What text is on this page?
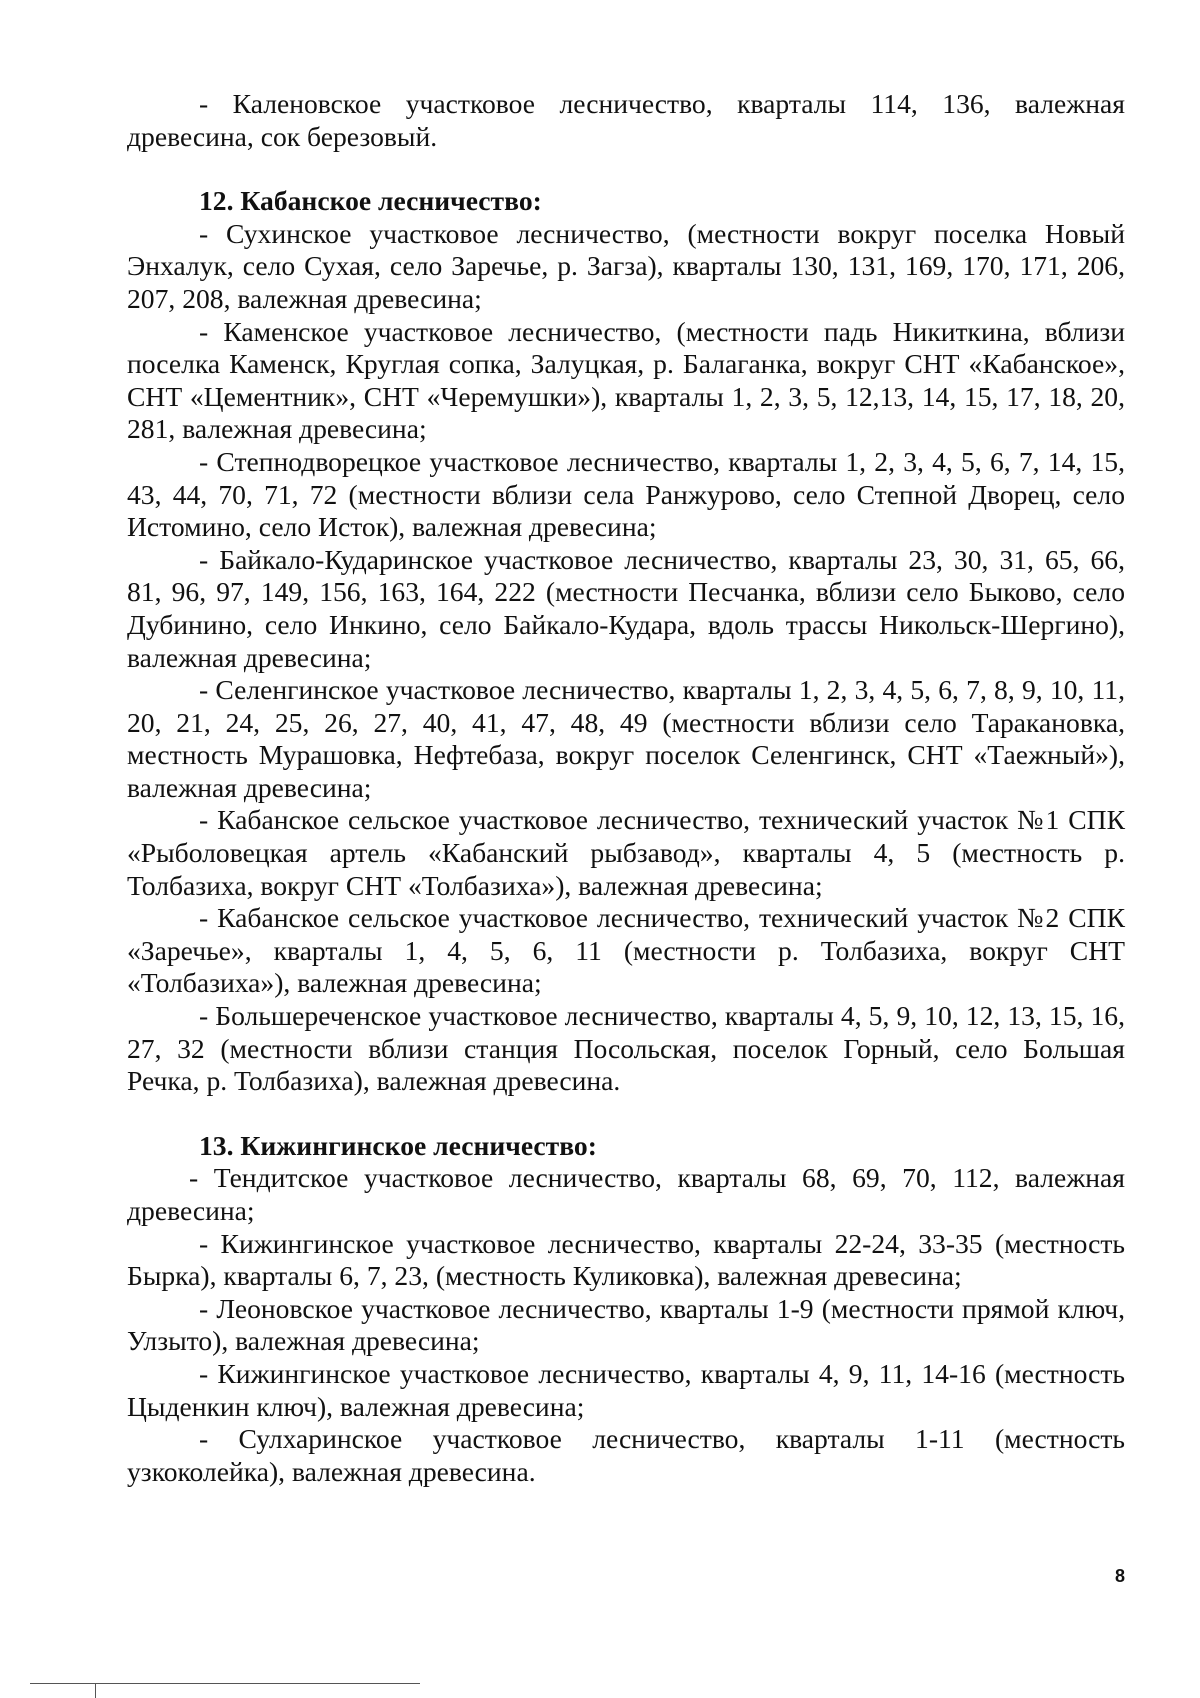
- Каленовское участковое лесничество, кварталы 114, 136, валежная древесина, сок березовый.

12. Кабанское лесничество:

- Сухинское участковое лесничество, (местности вокруг поселка Новый Энхалук, село Сухая, село Заречье, р. Загза), кварталы 130, 131, 169, 170, 171, 206, 207, 208, валежная древесина;

- Каменское участковое лесничество, (местности падь Никиткина, вблизи поселка Каменск, Круглая сопка, Залуцкая, р. Балаганка, вокруг СНТ «Кабанское», СНТ «Цементник», СНТ «Черемушки»), кварталы 1, 2, 3, 5, 12,13, 14, 15, 17, 18, 20, 281, валежная древесина;

- Степнодворецкое участковое лесничество, кварталы 1, 2, 3, 4, 5, 6, 7, 14, 15, 43, 44, 70, 71, 72 (местности вблизи села Ранжурово, село Степной Дворец, село Истомино, село Исток), валежная древесина;

- Байкало-Кударинское участковое лесничество, кварталы 23, 30, 31, 65, 66, 81, 96, 97, 149, 156, 163, 164, 222 (местности Песчанка, вблизи село Быково, село Дубинино, село Инкино, село Байкало-Кудара, вдоль трассы Никольск-Шергино), валежная древесина;

- Селенгинское участковое лесничество, кварталы 1, 2, 3, 4, 5, 6, 7, 8, 9, 10, 11, 20, 21, 24, 25, 26, 27, 40, 41, 47, 48, 49 (местности вблизи село Таракановка, местность Мурашовка, Нефтебаза, вокруг поселок Селенгинск, СНТ «Таежный»), валежная древесина;

- Кабанское сельское участковое лесничество, технический участок №1 СПК «Рыболовецкая артель «Кабанский рыбзавод», кварталы 4, 5 (местность р. Толбазиха, вокруг СНТ «Толбазиха»), валежная древесина;

- Кабанское сельское участковое лесничество, технический участок №2 СПК «Заречье», кварталы 1, 4, 5, 6, 11 (местности р. Толбазиха, вокруг СНТ «Толбазиха»), валежная древесина;

- Большереченское участковое лесничество, кварталы 4, 5, 9, 10, 12, 13, 15, 16, 27, 32 (местности вблизи станция Посольская, поселок Горный, село Большая Речка, р. Толбазиха), валежная древесина.

13. Кижингинское лесничество:

- Тендитское участковое лесничество, кварталы 68, 69, 70, 112, валежная древесина;

- Кижингинское участковое лесничество, кварталы 22-24, 33-35 (местность Бырка), кварталы 6, 7, 23, (местность Куликовка), валежная древесина;

- Леоновское участковое лесничество, кварталы 1-9 (местности прямой ключ, Улзыто), валежная древесина;

- Кижингинское участковое лесничество, кварталы 4, 9, 11, 14-16 (местность Цыденкин ключ), валежная древесина;

- Сулхаринское участковое лесничество, кварталы 1-11 (местность узкоколейка), валежная древесина.

8
